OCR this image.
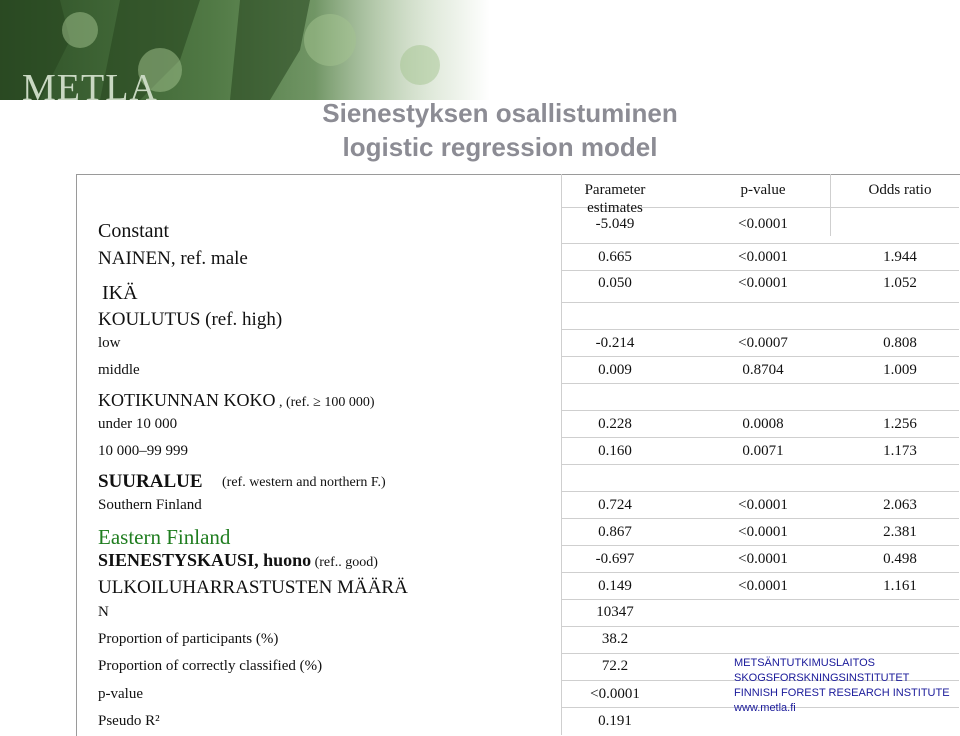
METLA
Sienestyksen osallistuminen
logistic regression model
Parameter
estimates
p-value	Odds ratio
Constant	-5.049	<0.0001
NAINEN, ref. male	0.665	<0.0001	1.944
IKÄ	0.050	<0.0001	1.052
KOULUTUS (ref. high)
low	-0.214	<0.0007	0.808
middle	0.009	0.8704	1.009
KOTIKUNNAN KOKO , (ref. ≥ 100 000)
under 10 000	0.228	0.0008	1.256
10 000–99 999	0.160	0.0071	1.173
SUURALUE (ref. western and northern F.)
Southern Finland	0.724	<0.0001	2.063
Eastern Finland	0.867	<0.0001	2.381
SIENESTYSKAUSI, huono (ref.. good)	-0.697	<0.0001	0.498
ULKOILUHARRASTUSTEN MÄÄRÄ	0.149	<0.0001	1.161
N	10347
Proportion of participants (%)	38.2
Proportion of correctly classified (%)	72.2
p-value	<0.0001
Pseudo R²	0.191
METSÄNTUTKIMUSLAITOS
SKOGSFORSKNINGSINSTITUTET
FINNISH FOREST RESEARCH INSTITUTE
www.metla.fi
